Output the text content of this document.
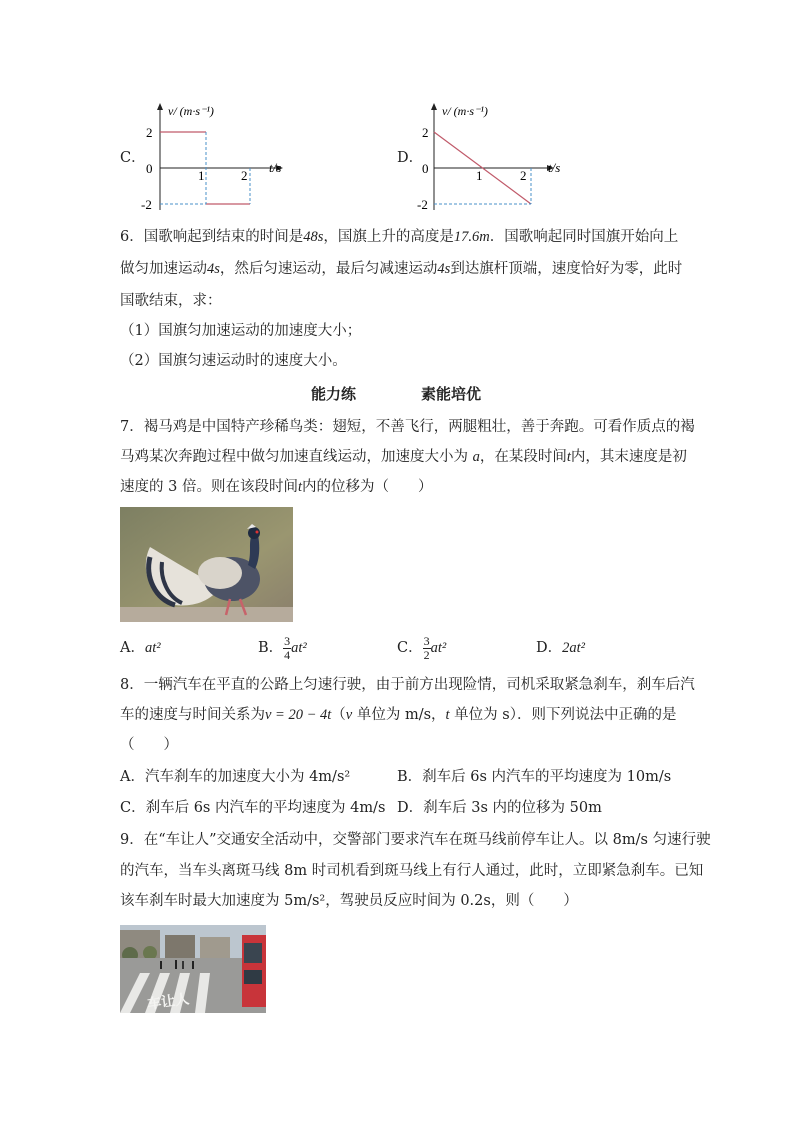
C．
v/ (m·s⁻¹)
t/s
2
0
-2
1	2
D．
v/ (m·s⁻¹)
t/s
2
0
-2
1	2
6．国歌响起到结束的时间是48s，国旗上升的高度是17.6m．国歌响起同时国旗开始向上
做匀加速运动4s，然后匀速运动，最后匀减速运动4s到达旗杆顶端，速度恰好为零，此时
国歌结束，求：
（1）国旗匀加速运动的加速度大小；
（2）国旗匀速运动时的速度大小。
能力练	素能培优
7．褐马鸡是中国特产珍稀鸟类：翅短，不善飞行，两腿粗壮，善于奔跑。可看作质点的褐
马鸡某次奔跑过程中做匀加速直线运动，加速度大小为 a，在某段时间t内，其末速度是初
速度的 3 倍。则在该段时间t内的位移为（　　）
A．at²	B． $\frac{3}{4} at^2$	C． $\frac{3}{2} at^2$	D．2at²
8．一辆汽车在平直的公路上匀速行驶，由于前方出现险情，司机采取紧急刹车，刹车后汽
车的速度与时间关系为v = 20 − 4t（v 单位为 m/s，t 单位为 s）．则下列说法中正确的是
（　　）
A．汽车刹车的加速度大小为 4m/s²	B．刹车后 6s 内汽车的平均速度为 10m/s
C．刹车后 6s 内汽车的平均速度为 4m/s D．刹车后 3s 内的位移为 50m
9．在“车让人”交通安全活动中，交警部门要求汽车在斑马线前停车让人。以 8m/s 匀速行驶
的汽车，当车头离斑马线 8m 时司机看到斑马线上有行人通过，此时，立即紧急刹车。已知
该车刹车时最大加速度为 5m/s²，驾驶员反应时间为 0.2s，则（　　）
车让人
